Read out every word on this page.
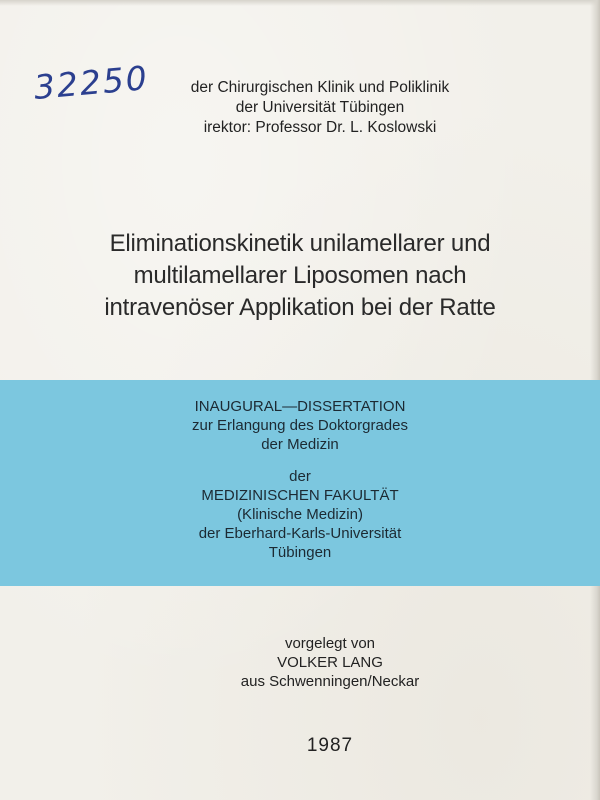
32250	der Chirurgischen Klinik und Poliklinik
der Universität Tübingen
irektor: Professor Dr. L. Koslowski
Eliminationskinetik unilamellarer und
multilamellarer Liposomen nach
intravenöser Applikation bei der Ratte
INAUGURAL—DISSERTATION
zur Erlangung des Doktorgrades
der Medizin
der
MEDIZINISCHEN FAKULTÄT
(Klinische Medizin)
der Eberhard-Karls-Universität
Tübingen
vorgelegt von
VOLKER LANG
aus Schwenningen/Neckar
1987
